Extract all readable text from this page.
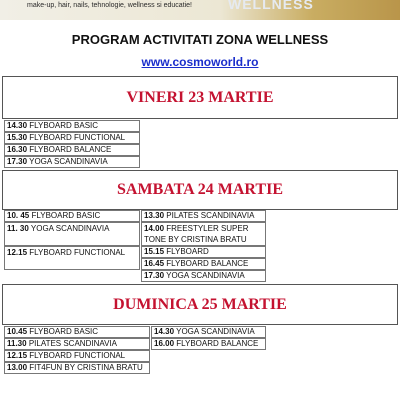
make-up, hair, nails, tehnologie, wellness si educatie!	WELLNESS
PROGRAM ACTIVITATI ZONA WELLNESS
www.cosmoworld.ro
VINERI 23 MARTIE
14.30 FLYBOARD BASIC
15.30 FLYBOARD FUNCTIONAL
16.30 FLYBOARD BALANCE
17.30 YOGA SCANDINAVIA
SAMBATA 24 MARTIE
10. 45 FLYBOARD BASIC
11. 30 YOGA SCANDINAVIA
12.15 FLYBOARD FUNCTIONAL
13.30 PILATES SCANDINAVIA
14.00 FREESTYLER SUPER TONE BY CRISTINA BRATU
15.15 FLYBOARD
16.45 FLYBOARD BALANCE
17.30 YOGA SCANDINAVIA
DUMINICA 25 MARTIE
10.45 FLYBOARD BASIC
11.30 PILATES SCANDINAVIA
12.15 FLYBOARD FUNCTIONAL
13.00 FIT4FUN BY CRISTINA BRATU
14.30 YOGA SCANDINAVIA
16.00 FLYBOARD BALANCE
